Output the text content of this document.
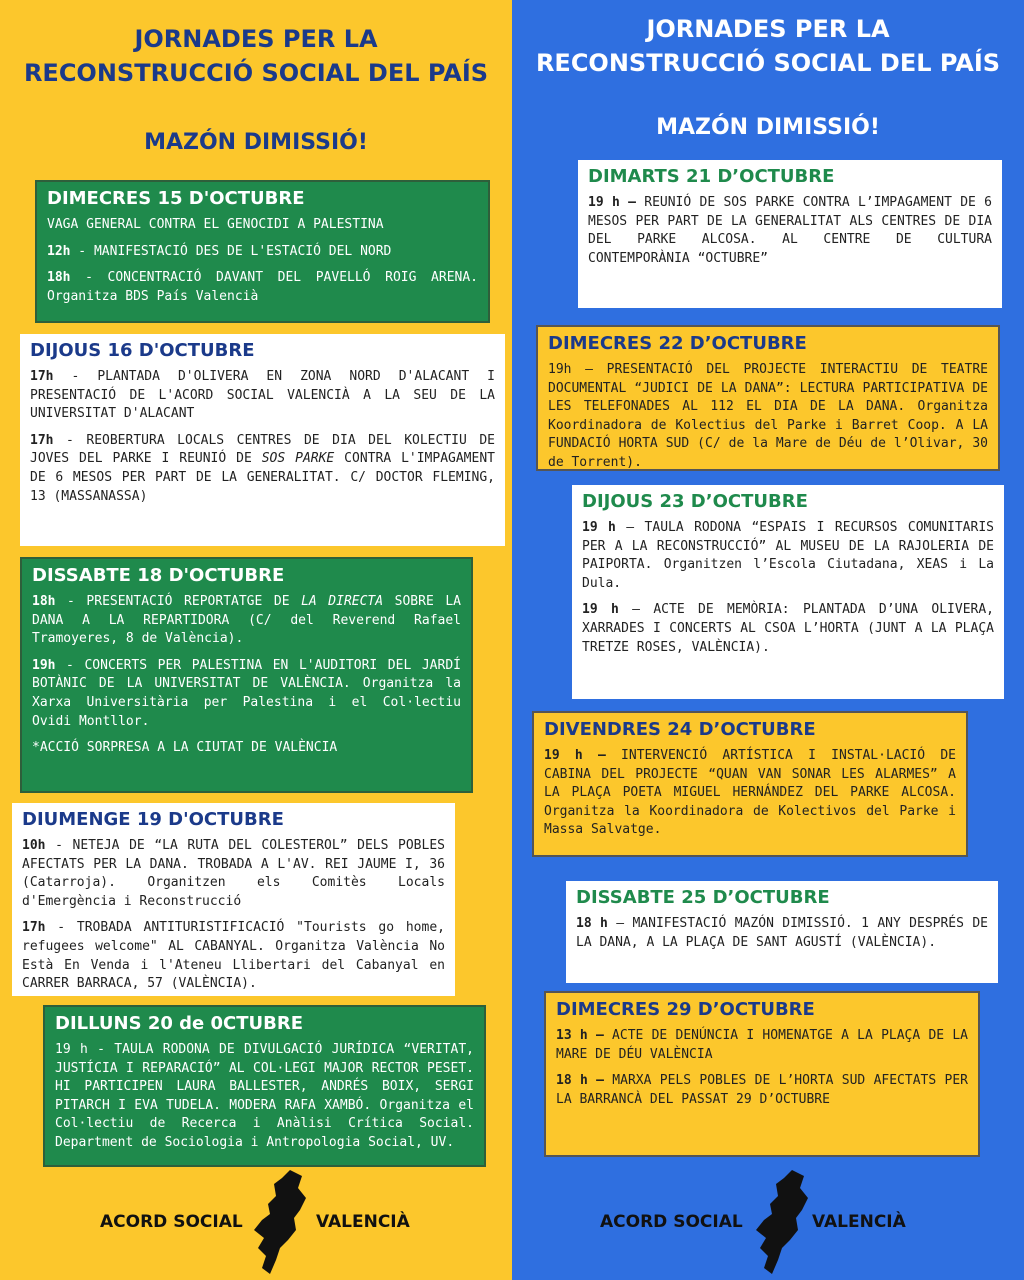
JORNADES PER LA
RECONSTRUCCIÓ SOCIAL DEL PAÍS
MAZÓN DIMISSIÓ!
DIMECRES 15 D'OCTUBRE
VAGA GENERAL CONTRA EL GENOCIDI A PALESTINA
12h - MANIFESTACIÓ DES DE L'ESTACIÓ DEL NORD
18h - CONCENTRACIÓ DAVANT DEL PAVELLÓ ROIG ARENA. Organitza BDS País Valencià
DIJOUS 16 D'OCTUBRE
17h - PLANTADA D'OLIVERA EN ZONA NORD D'ALACANT I PRESENTACIÓ DE L'ACORD SOCIAL VALENCIÀ A LA SEU DE LA UNIVERSITAT D'ALACANT
17h - REOBERTURA LOCALS CENTRES DE DIA DEL KOLECTIU DE JOVES DEL PARKE I REUNIÓ DE SOS PARKE CONTRA L'IMPAGAMENT DE 6 MESOS PER PART DE LA GENERALITAT. C/ DOCTOR FLEMING, 13 (MASSANASSA)
DISSABTE 18 D'OCTUBRE
18h - PRESENTACIÓ REPORTATGE DE LA DIRECTA SOBRE LA DANA A LA REPARTIDORA (C/ del Reverend Rafael Tramoyeres, 8 de València).
19h - CONCERTS PER PALESTINA EN L'AUDITORI DEL JARDÍ BOTÀNIC DE LA UNIVERSITAT DE VALÈNCIA. Organitza la Xarxa Universitària per Palestina i el Col·lectiu Ovidi Montllor.
*ACCIÓ SORPRESA A LA CIUTAT DE VALÈNCIA
DIUMENGE 19 D'OCTUBRE
10h - NETEJA DE “LA RUTA DEL COLESTEROL” DELS POBLES AFECTATS PER LA DANA. TROBADA A L'AV. REI JAUME I, 36 (Catarroja). Organitzen els Comitès Locals d'Emergència i Reconstrucció
17h - TROBADA ANTITURISTIFICACIÓ "Tourists go home, refugees welcome" AL CABANYAL. Organitza València No Està En Venda i l'Ateneu Llibertari del Cabanyal en CARRER BARRACA, 57 (VALÈNCIA).
DILLUNS 20 de 0CTUBRE
19 h - TAULA RODONA DE DIVULGACIÓ JURÍDICA “VERITAT, JUSTÍCIA I REPARACIÓ” AL COL·LEGI MAJOR RECTOR PESET. HI PARTICIPEN LAURA BALLESTER, ANDRÉS BOIX, SERGI PITARCH I EVA TUDELA. MODERA RAFA XAMBÓ. Organitza el Col·lectiu de Recerca i Anàlisi Crítica Social. Department de Sociologia i Antropologia Social, UV.
ACORD SOCIAL	VALENCIÀ
JORNADES PER LA
RECONSTRUCCIÓ SOCIAL DEL PAÍS
MAZÓN DIMISSIÓ!
DIMARTS 21 D’OCTUBRE
19 h – REUNIÓ DE SOS PARKE CONTRA L’IMPAGAMENT DE 6 MESOS PER PART DE LA GENERALITAT ALS CENTRES DE DIA DEL PARKE ALCOSA. AL CENTRE DE CULTURA CONTEMPORÀNIA “OCTUBRE”
DIMECRES 22 D’OCTUBRE
19h – PRESENTACIÓ DEL PROJECTE INTERACTIU DE TEATRE DOCUMENTAL “JUDICI DE LA DANA”: LECTURA PARTICIPATIVA DE LES TELEFONADES AL 112 EL DIA DE LA DANA. Organitza Koordinadora de Kolectius del Parke i Barret Coop. A LA FUNDACIÓ HORTA SUD (C/ de la Mare de Déu de l’Olivar, 30 de Torrent).
DIJOUS 23 D’OCTUBRE
19 h – TAULA RODONA “ESPAIS I RECURSOS COMUNITARIS PER A LA RECONSTRUCCIÓ” AL MUSEU DE LA RAJOLERIA DE PAIPORTA. Organitzen l’Escola Ciutadana, XEAS i La Dula.
19 h – ACTE DE MEMÒRIA: PLANTADA D’UNA OLIVERA, XARRADES I CONCERTS AL CSOA L’HORTA (JUNT A LA PLAÇA TRETZE ROSES, VALÈNCIA).
DIVENDRES 24 D’OCTUBRE
19 h – INTERVENCIÓ ARTÍSTICA I INSTAL·LACIÓ DE CABINA DEL PROJECTE “QUAN VAN SONAR LES ALARMES” A LA PLAÇA POETA MIGUEL HERNÁNDEZ DEL PARKE ALCOSA. Organitza la Koordinadora de Kolectivos del Parke i Massa Salvatge.
DISSABTE 25 D’OCTUBRE
18 h – MANIFESTACIÓ MAZÓN DIMISSIÓ. 1 ANY DESPRÉS DE LA DANA, A LA PLAÇA DE SANT AGUSTÍ (VALÈNCIA).
DIMECRES 29 D’OCTUBRE
13 h – ACTE DE DENÚNCIA I HOMENATGE A LA PLAÇA DE LA MARE DE DÉU VALÈNCIA
18 h – MARXA PELS POBLES DE L’HORTA SUD AFECTATS PER LA BARRANCÀ DEL PASSAT 29 D’OCTUBRE
ACORD SOCIAL	VALENCIÀ
